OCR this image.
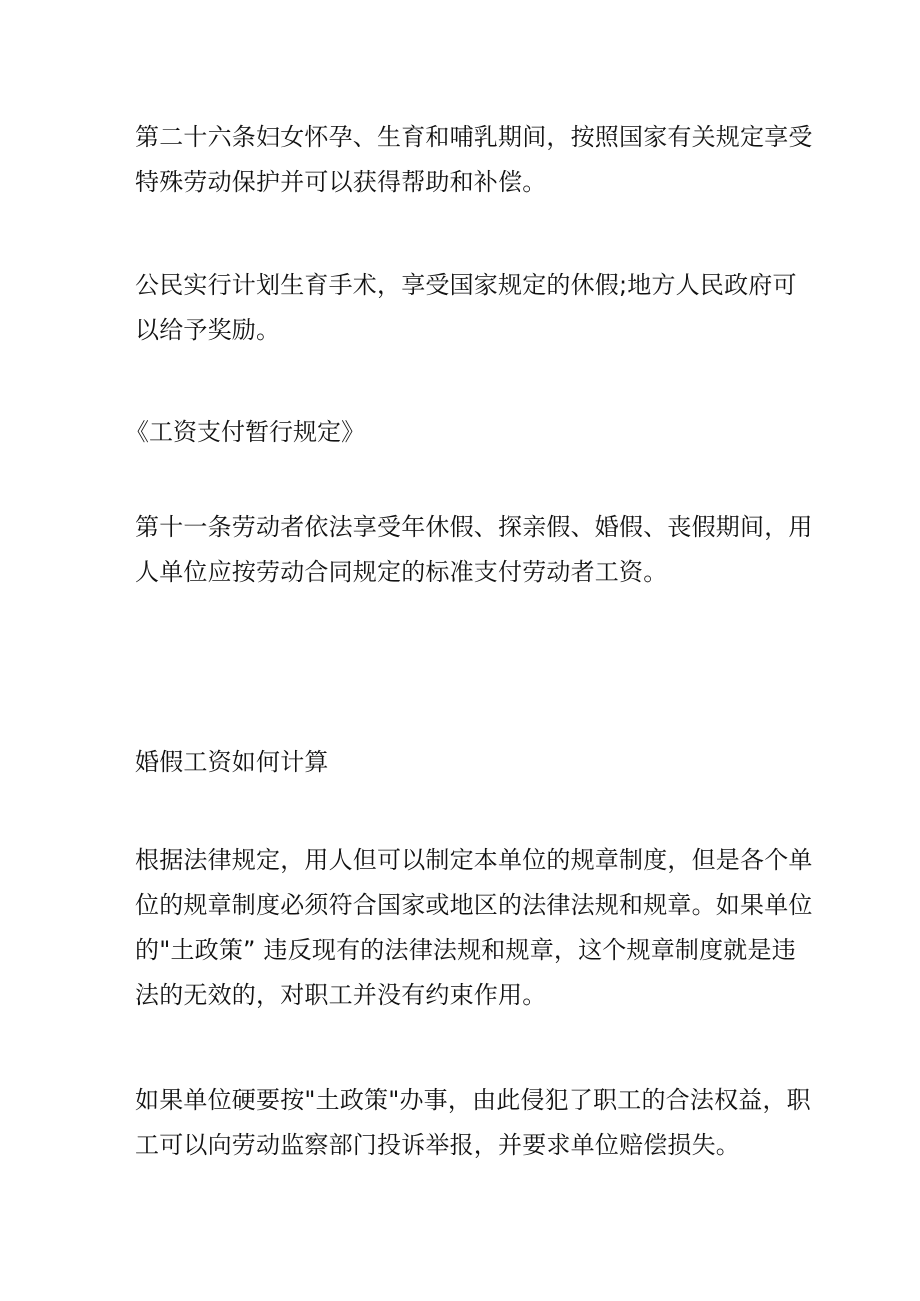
第二十六条妇女怀孕、生育和哺乳期间，按照国家有关规定享受
特殊劳动保护并可以获得帮助和补偿。

公民实行计划生育手术，享受国家规定的休假;地方人民政府可
以给予奖励。

《工资支付暂行规定》

第十一条劳动者依法享受年休假、探亲假、婚假、丧假期间，用
人单位应按劳动合同规定的标准支付劳动者工资。

婚假工资如何计算

根据法律规定，用人但可以制定本单位的规章制度，但是各个单
位的规章制度必须符合国家或地区的法律法规和规章。如果单位
的"土政策” 违反现有的法律法规和规章，这个规章制度就是违
法的无效的，对职工并没有约束作用。

如果单位硬要按"土政策"办事，由此侵犯了职工的合法权益，职
工可以向劳动监察部门投诉举报，并要求单位赔偿损失。
